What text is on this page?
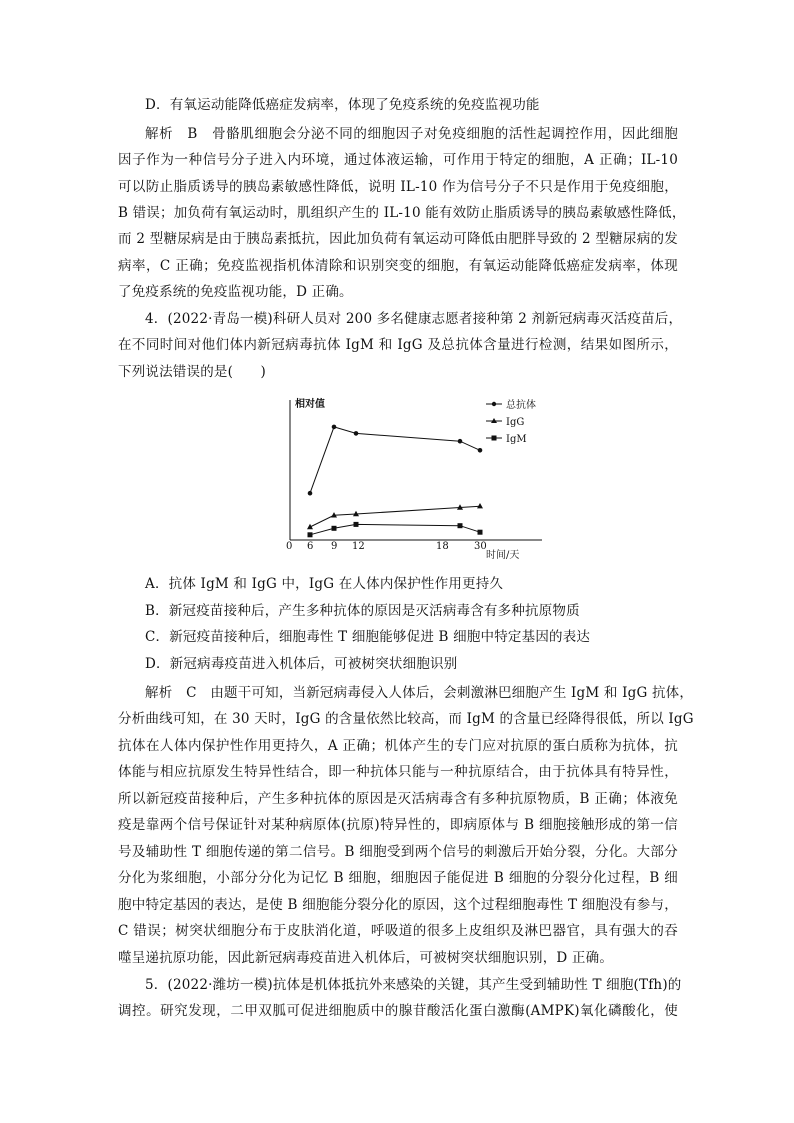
D．有氧运动能降低癌症发病率，体现了免疫系统的免疫监视功能
解析　B　骨骼肌细胞会分泌不同的细胞因子对免疫细胞的活性起调控作用，因此细胞
因子作为一种信号分子进入内环境，通过体液运输，可作用于特定的细胞，A 正确；IL-10
可以防止脂质诱导的胰岛素敏感性降低，说明 IL-10 作为信号分子不只是作用于免疫细胞，
B 错误；加负荷有氧运动时，肌组织产生的 IL-10 能有效防止脂质诱导的胰岛素敏感性降低，
而 2 型糖尿病是由于胰岛素抵抗，因此加负荷有氧运动可降低由肥胖导致的 2 型糖尿病的发
病率，C 正确；免疫监视指机体清除和识别突变的细胞，有氧运动能降低癌症发病率，体现
了免疫系统的免疫监视功能，D 正确。
4．(2022·青岛一模)科研人员对 200 多名健康志愿者接种第 2 剂新冠病毒灭活疫苗后，
在不同时间对他们体内新冠病毒抗体 IgM 和 IgG 及总抗体含量进行检测，结果如图所示，
下列说法错误的是(　　)
相对值
时间/天
0 6 9 12	18	30
总抗体
IgG
IgM
A．抗体 IgM 和 IgG 中，IgG 在人体内保护性作用更持久
B．新冠疫苗接种后，产生多种抗体的原因是灭活病毒含有多种抗原物质
C．新冠疫苗接种后，细胞毒性 T 细胞能够促进 B 细胞中特定基因的表达
D．新冠病毒疫苗进入机体后，可被树突状细胞识别
解析　C　由题干可知，当新冠病毒侵入人体后，会刺激淋巴细胞产生 IgM 和 IgG 抗体，
分析曲线可知，在 30 天时，IgG 的含量依然比较高，而 IgM 的含量已经降得很低，所以 IgG
抗体在人体内保护性作用更持久，A 正确；机体产生的专门应对抗原的蛋白质称为抗体，抗
体能与相应抗原发生特异性结合，即一种抗体只能与一种抗原结合，由于抗体具有特异性，
所以新冠疫苗接种后，产生多种抗体的原因是灭活病毒含有多种抗原物质，B 正确；体液免
疫是靠两个信号保证针对某种病原体(抗原)特异性的，即病原体与 B 细胞接触形成的第一信
号及辅助性 T 细胞传递的第二信号。B 细胞受到两个信号的刺激后开始分裂，分化。大部分
分化为浆细胞，小部分分化为记忆 B 细胞，细胞因子能促进 B 细胞的分裂分化过程，B 细
胞中特定基因的表达，是使 B 细胞能分裂分化的原因，这个过程细胞毒性 T 细胞没有参与，
C 错误；树突状细胞分布于皮肤消化道，呼吸道的很多上皮组织及淋巴器官，具有强大的吞
噬呈递抗原功能，因此新冠病毒疫苗进入机体后，可被树突状细胞识别，D 正确。
5．(2022·潍坊一模)抗体是机体抵抗外来感染的关键，其产生受到辅助性 T 细胞(Tfh)的
调控。研究发现，二甲双胍可促进细胞质中的腺苷酸活化蛋白激酶(AMPK)氧化磷酸化，使
